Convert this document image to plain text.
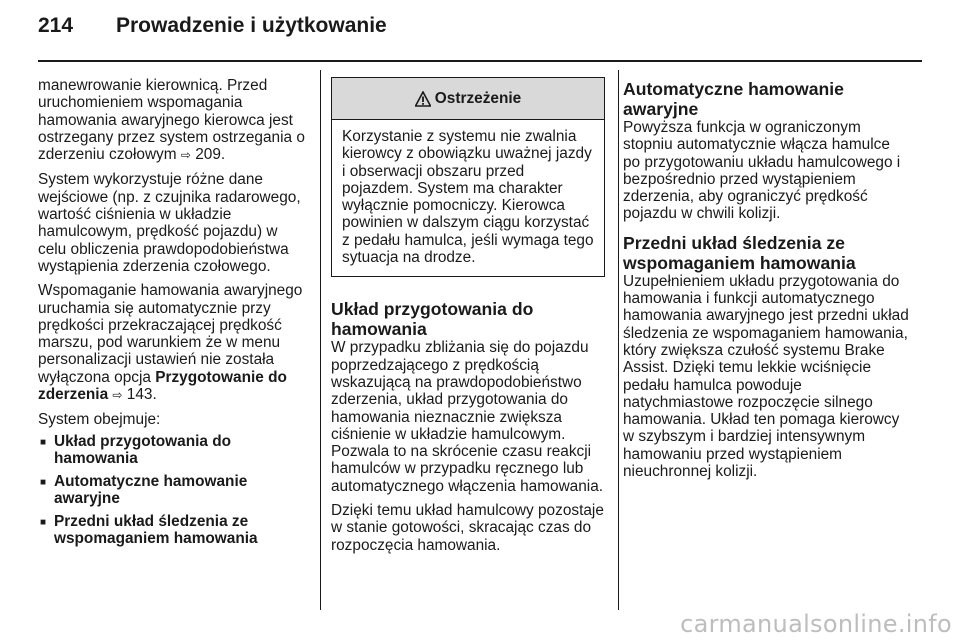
214	Prowadzenie i użytkowanie

manewrowanie kierownicą. Przed uruchomieniem wspomagania hamowania awaryjnego kierowca jest ostrzegany przez system ostrzegania o zderzeniu czołowym ⇨ 209.

System wykorzystuje różne dane wejściowe (np. z czujnika radarowego, wartość ciśnienia w układzie hamulcowym, prędkość pojazdu) w celu obliczenia prawdopodobieństwa wystąpienia zderzenia czołowego.

Wspomaganie hamowania awaryjnego uruchamia się automatycznie przy prędkości przekraczającej prędkość marszu, pod warunkiem że w menu personalizacji ustawień nie została wyłączona opcja Przygotowanie do zderzenia ⇨ 143.

System obejmuje:

■ Układ przygotowania do hamowania
■ Automatyczne hamowanie awaryjne
■ Przedni układ śledzenia ze wspomaganiem hamowania
Ostrzeżenie
Korzystanie z systemu nie zwalnia kierowcy z obowiązku uważnej jazdy i obserwacji obszaru przed pojazdem. System ma charakter wyłącznie pomocniczy. Kierowca powinien w dalszym ciągu korzystać z pedału hamulca, jeśli wymaga tego sytuacja na drodze.
Układ przygotowania do hamowania

W przypadku zbliżania się do pojazdu poprzedzającego z prędkością wskazującą na prawdopodobieństwo zderzenia, układ przygotowania do hamowania nieznacznie zwiększa ciśnienie w układzie hamulcowym. Pozwala to na skrócenie czasu reakcji hamulców w przypadku ręcznego lub automatycznego włączenia hamowania.

Dzięki temu układ hamulcowy pozostaje w stanie gotowości, skracając czas do rozpoczęcia hamowania.

Automatyczne hamowanie awaryjne

Powyższa funkcja w ograniczonym stopniu automatycznie włącza hamulce po przygotowaniu układu hamulcowego i bezpośrednio przed wystąpieniem zderzenia, aby ograniczyć prędkość pojazdu w chwili kolizji.

Przedni układ śledzenia ze wspomaganiem hamowania

Uzupełnieniem układu przygotowania do hamowania i funkcji automatycznego hamowania awaryjnego jest przedni układ śledzenia ze wspomaganiem hamowania, który zwiększa czułość systemu Brake Assist. Dzięki temu lekkie wciśnięcie pedału hamulca powoduje natychmiastowe rozpoczęcie silnego hamowania. Układ ten pomaga kierowcy w szybszym i bardziej intensywnym hamowaniu przed wystąpieniem nieuchronnej kolizji.

carmanualsonline.info
